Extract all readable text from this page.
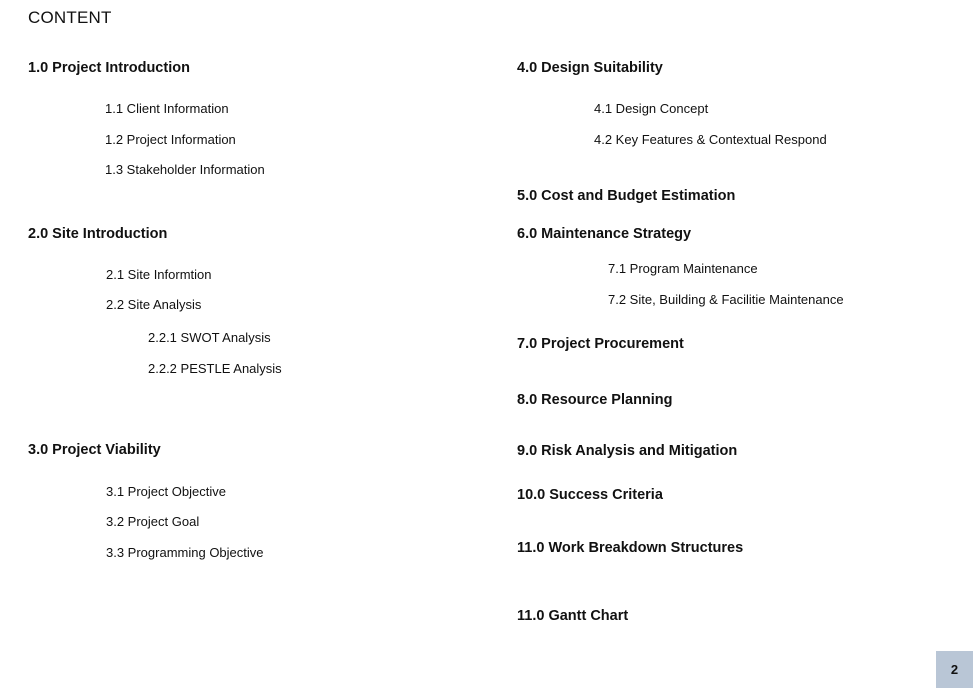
CONTENT
1.0 Project Introduction
1.1 Client Information
1.2 Project Information
1.3 Stakeholder Information
2.0 Site Introduction
2.1 Site Informtion
2.2 Site Analysis
2.2.1 SWOT Analysis
2.2.2 PESTLE Analysis
3.0 Project Viability
3.1 Project Objective
3.2 Project Goal
3.3 Programming Objective
4.0 Design Suitability
4.1 Design Concept
4.2 Key Features & Contextual Respond
5.0 Cost and Budget Estimation
6.0 Maintenance Strategy
7.1 Program Maintenance
7.2 Site, Building & Facilitie Maintenance
7.0 Project Procurement
8.0 Resource Planning
9.0 Risk Analysis and Mitigation
10.0 Success Criteria
11.0 Work Breakdown Structures
11.0 Gantt Chart
2
